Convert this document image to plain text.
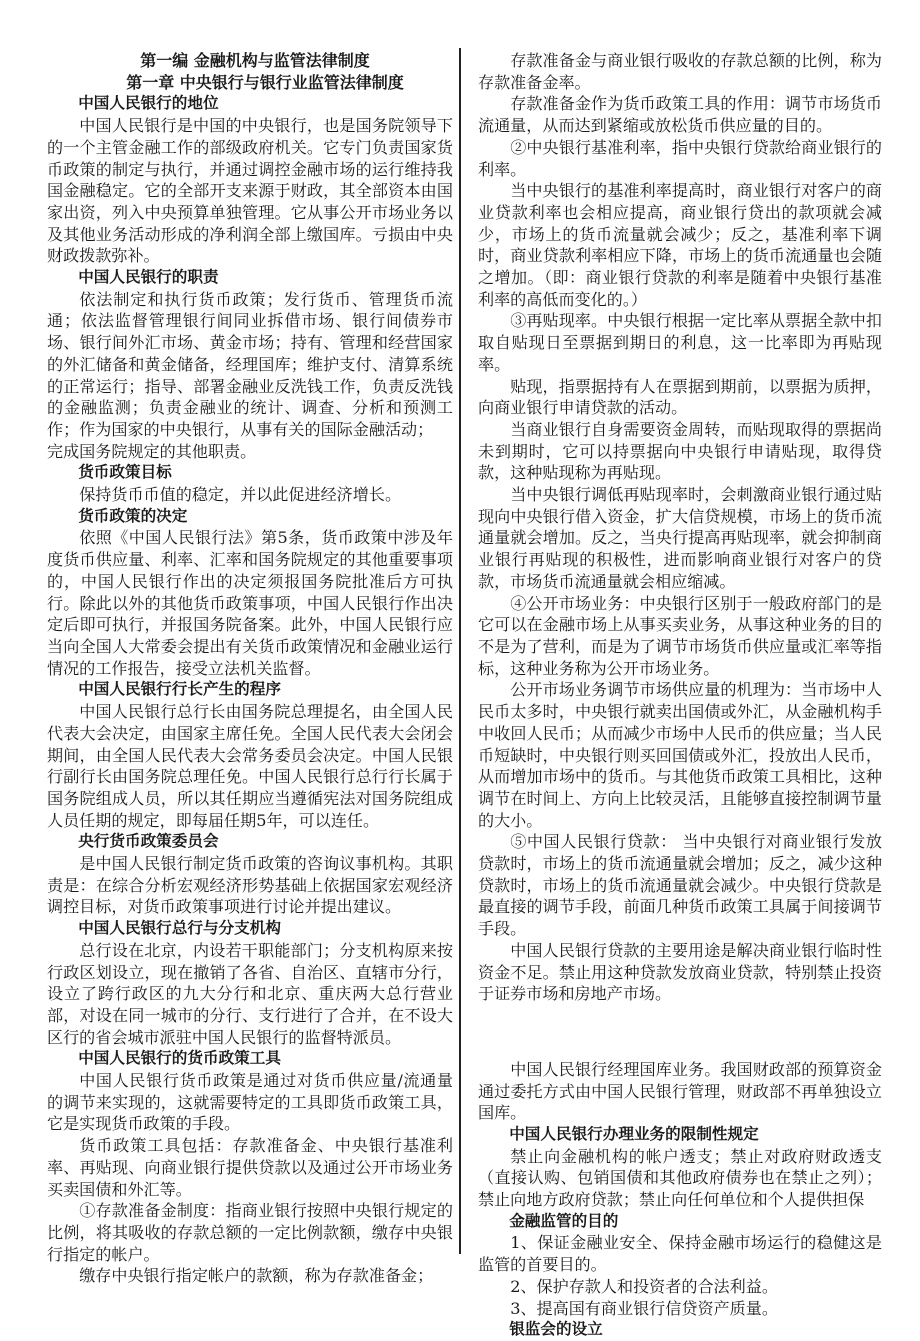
第一编 金融机构与监管法律制度
第一章 中央银行与银行业监管法律制度
中国人民银行的地位

中国人民银行是中国的中央银行，也是国务院领导下的一个主管金融工作的部级政府机关。它专门负责国家货币政策的制定与执行，并通过调控金融市场的运行维持我国金融稳定。它的全部开支来源于财政，其全部资本由国家出资，列入中央预算单独管理。它从事公开市场业务以及其他业务活动形成的净利润全部上缴国库。亏损由中央财政拨款弥补。

中国人民银行的职责

依法制定和执行货币政策；发行货币、管理货币流通；依法监督管理银行间同业拆借市场、银行间债券市场、银行间外汇市场、黄金市场；持有、管理和经营国家的外汇储备和黄金储备，经理国库；维护支付、清算系统的正常运行；指导、部署金融业反洗钱工作，负责反洗钱的金融监测；负责金融业的统计、调查、分析和预测工作；作为国家的中央银行，从事有关的国际金融活动；

完成国务院规定的其他职责。

货币政策目标

保持货币币值的稳定，并以此促进经济增长。

货币政策的决定

依照《中国人民银行法》第5条，货币政策中涉及年度货币供应量、利率、汇率和国务院规定的其他重要事项的，中国人民银行作出的决定须报国务院批准后方可执行。除此以外的其他货币政策事项，中国人民银行作出决定后即可执行，并报国务院备案。此外，中国人民银行应当向全国人大常委会提出有关货币政策情况和金融业运行情况的工作报告，接受立法机关监督。

中国人民银行行长产生的程序

中国人民银行总行长由国务院总理提名，由全国人民代表大会决定，由国家主席任免。全国人民代表大会闭会期间，由全国人民代表大会常务委员会决定。中国人民银行副行长由国务院总理任免。中国人民银行总行行长属于国务院组成人员，所以其任期应当遵循宪法对国务院组成人员任期的规定，即每届任期5年，可以连任。

央行货币政策委员会

是中国人民银行制定货币政策的咨询议事机构。其职责是：在综合分析宏观经济形势基础上依据国家宏观经济调控目标，对货币政策事项进行讨论并提出建议。

中国人民银行总行与分支机构

总行设在北京，内设若干职能部门；分支机构原来按行政区划设立，现在撤销了各省、自治区、直辖市分行，设立了跨行政区的九大分行和北京、重庆两大总行营业部，对设在同一城市的分行、支行进行了合并，在不设大区行的省会城市派驻中国人民银行的监督特派员。

中国人民银行的货币政策工具

中国人民银行货币政策是通过对货币供应量/流通量的调节来实现的，这就需要特定的工具即货币政策工具，它是实现货币政策的手段。

货币政策工具包括：存款准备金、中央银行基准利率、再贴现、向商业银行提供贷款以及通过公开市场业务买卖国债和外汇等。

①存款准备金制度：指商业银行按照中央银行规定的比例，将其吸收的存款总额的一定比例款额，缴存中央银行指定的帐户。

缴存中央银行指定帐户的款额，称为存款准备金；

存款准备金与商业银行吸收的存款总额的比例，称为存款准备金率。

存款准备金作为货币政策工具的作用：调节市场货币流通量，从而达到紧缩或放松货币供应量的目的。

②中央银行基准利率，指中央银行贷款给商业银行的利率。

当中央银行的基准利率提高时，商业银行对客户的商业贷款利率也会相应提高，商业银行贷出的款项就会减少，市场上的货币流量就会减少；反之，基准利率下调时，商业贷款利率相应下降，市场上的货币流通量也会随之增加。（即：商业银行贷款的利率是随着中央银行基准利率的高低而变化的。）

③再贴现率。中央银行根据一定比率从票据全款中扣取自贴现日至票据到期日的利息，这一比率即为再贴现率。

贴现，指票据持有人在票据到期前，以票据为质押，向商业银行申请贷款的活动。

当商业银行自身需要资金周转，而贴现取得的票据尚未到期时，它可以持票据向中央银行申请贴现，取得贷款，这种贴现称为再贴现。

当中央银行调低再贴现率时，会刺激商业银行通过贴现向中央银行借入资金，扩大信贷规模，市场上的货币流通量就会增加。反之，当央行提高再贴现率，就会抑制商业银行再贴现的积极性，进而影响商业银行对客户的贷款，市场货币流通量就会相应缩减。

④公开市场业务：中央银行区别于一般政府部门的是它可以在金融市场上从事买卖业务，从事这种业务的目的不是为了营利，而是为了调节市场货币供应量或汇率等指标，这种业务称为公开市场业务。

公开市场业务调节市场供应量的机理为：当市场中人民币太多时，中央银行就卖出国债或外汇，从金融机构手中收回人民币；从而减少市场中人民币的供应量；当人民币短缺时，中央银行则买回国债或外汇，投放出人民币，从而增加市场中的货币。与其他货币政策工具相比，这种调节在时间上、方向上比较灵活，且能够直接控制调节量的大小。

⑤中国人民银行贷款： 当中央银行对商业银行发放贷款时，市场上的货币流通量就会增加；反之，减少这种贷款时，市场上的货币流通量就会减少。中央银行贷款是最直接的调节手段，前面几种货币政策工具属于间接调节手段。

中国人民银行贷款的主要用途是解决商业银行临时性资金不足。禁止用这种贷款发放商业贷款，特别禁止投资于证券市场和房地产市场。

中国人民银行经理国库业务。我国财政部的预算资金通过委托方式由中国人民银行管理，财政部不再单独设立国库。

中国人民银行办理业务的限制性规定

禁止向金融机构的帐户透支；禁止对政府财政透支（直接认购、包销国债和其他政府债券也在禁止之列）；禁止向地方政府贷款；禁止向任何单位和个人提供担保

金融监管的目的

1、保证金融业安全、保持金融市场运行的稳健这是监管的首要目的。

2、保护存款人和投资者的合法利益。

3、提高国有商业银行信贷资产质量。

银监会的设立
